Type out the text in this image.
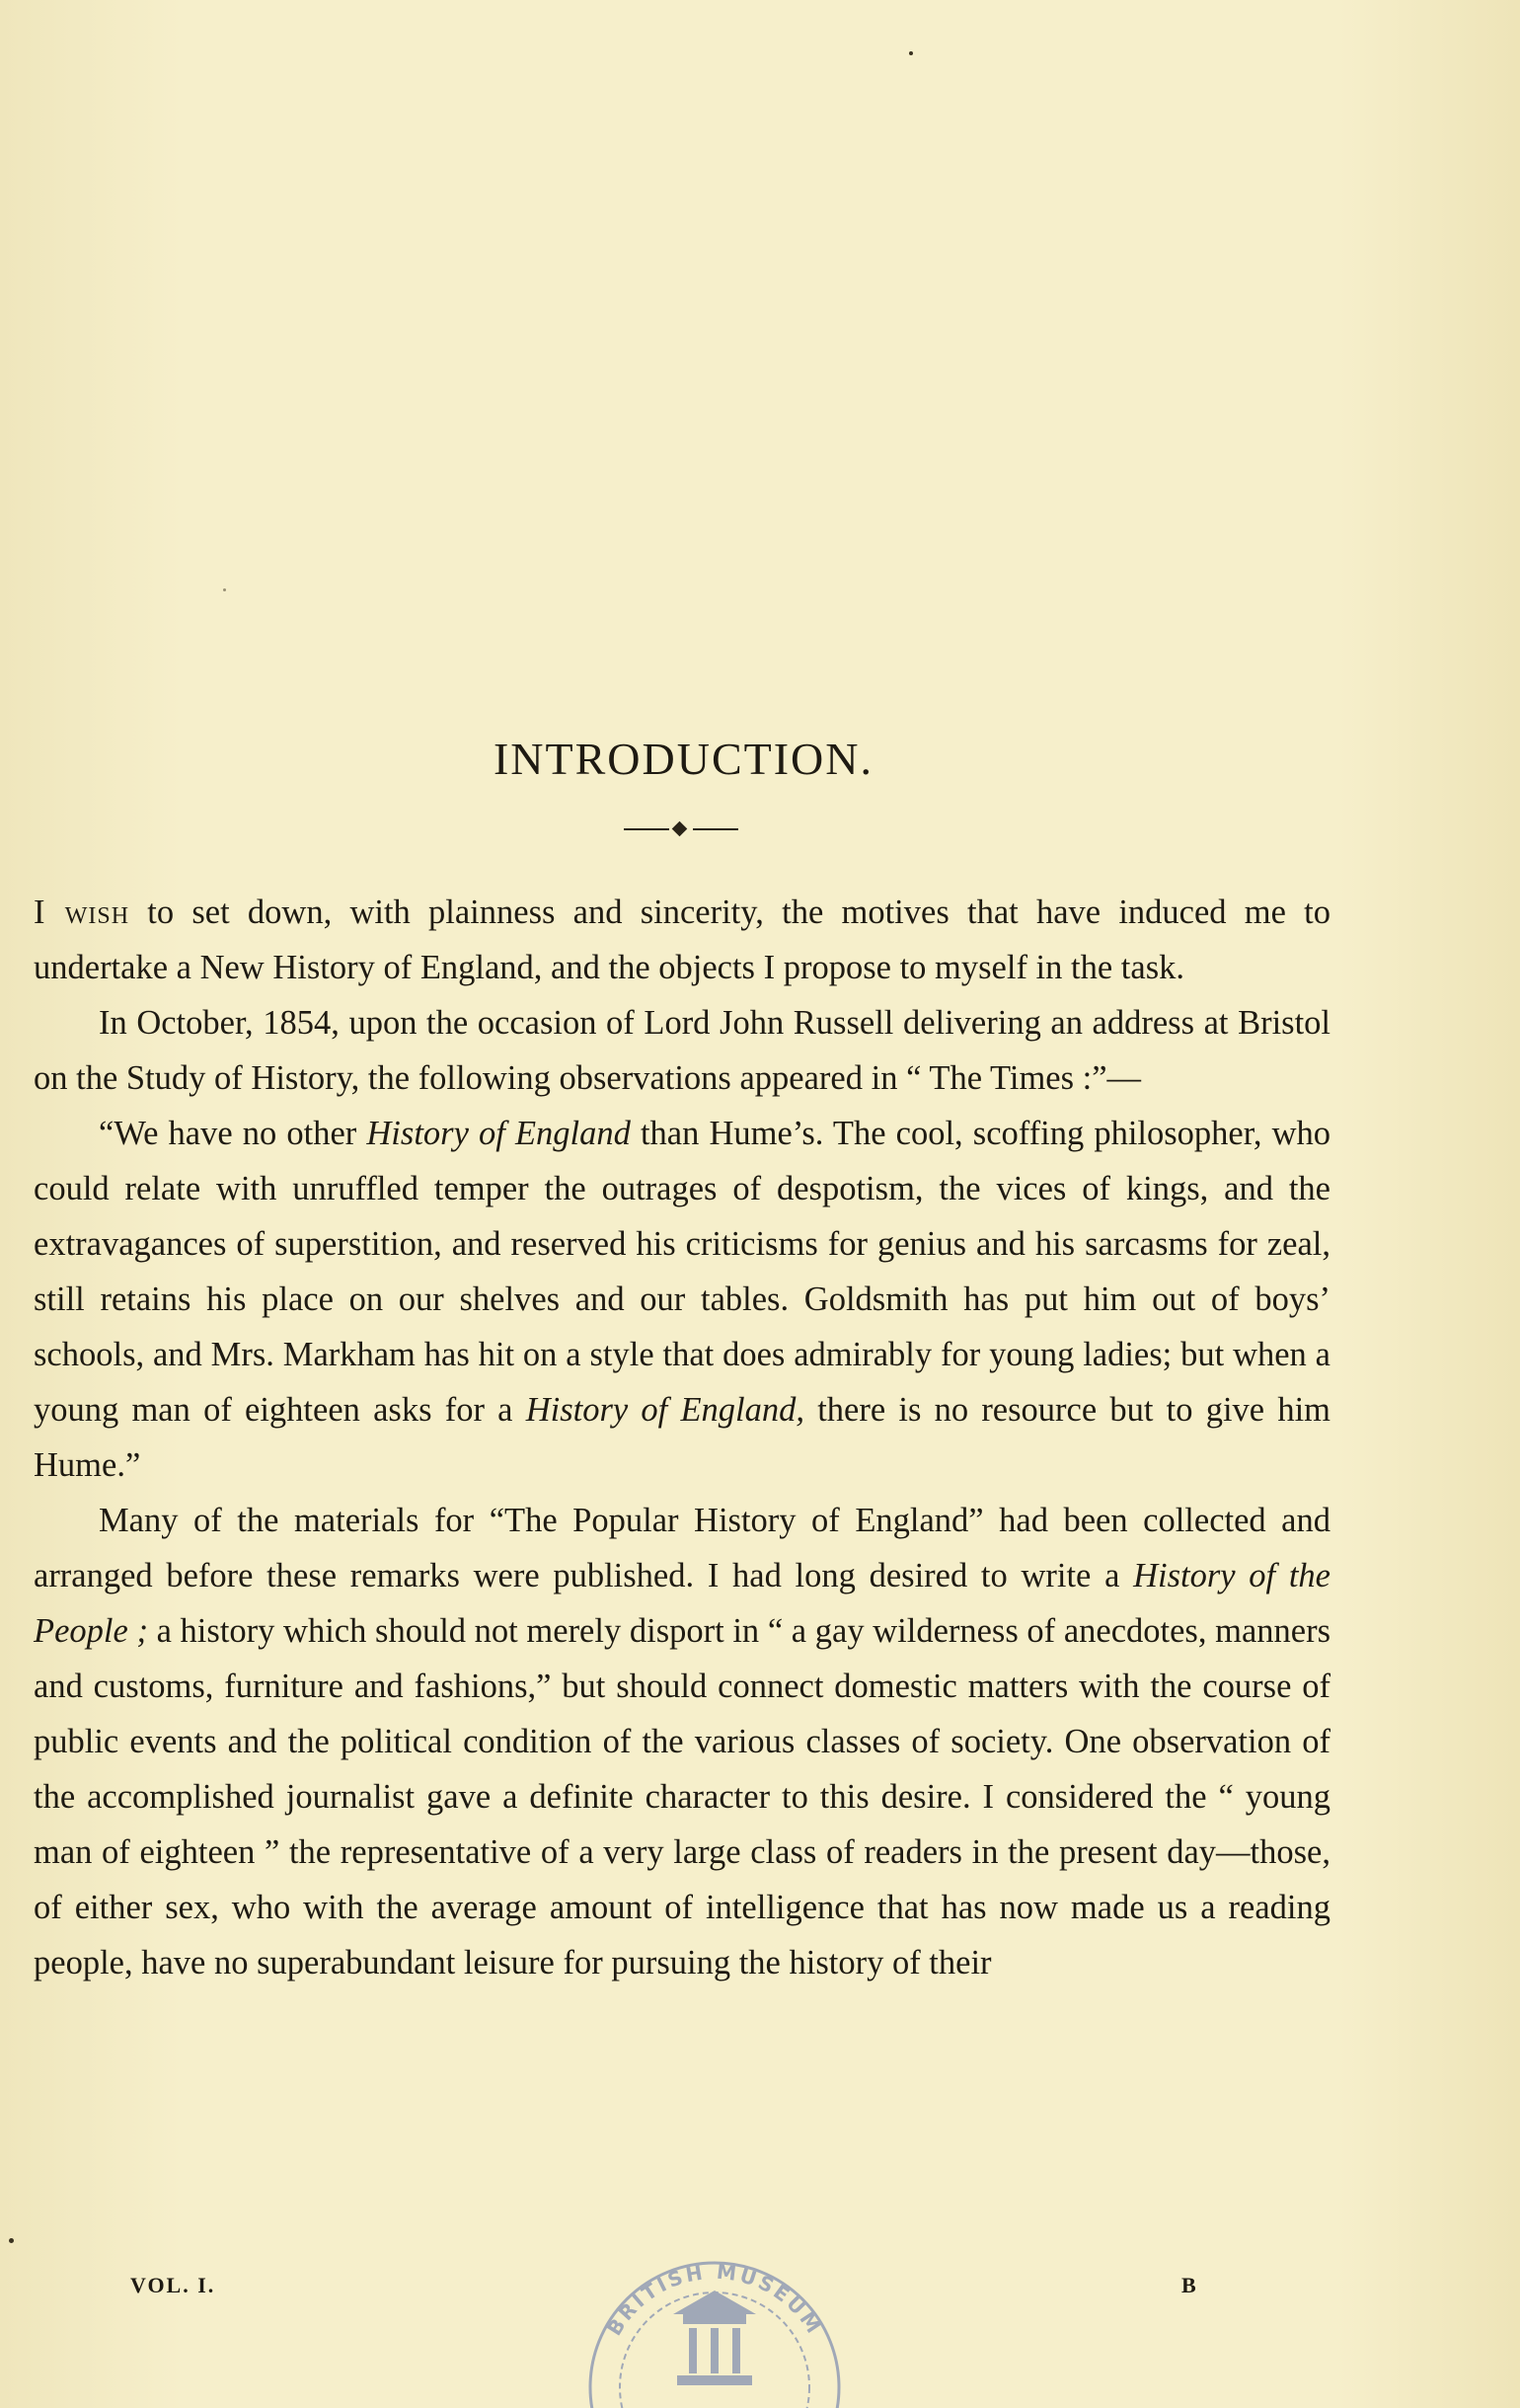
INTRODUCTION.

I wish to set down, with plainness and sincerity, the motives that have induced me to undertake a New History of England, and the objects I propose to myself in the task.

In October, 1854, upon the occasion of Lord John Russell delivering an address at Bristol on the Study of History, the following observations appeared in “ The Times :”—

“We have no other History of England than Hume’s. The cool, scoffing philosopher, who could relate with unruffled temper the outrages of despotism, the vices of kings, and the extravagances of superstition, and reserved his criticisms for genius and his sarcasms for zeal, still retains his place on our shelves and our tables. Goldsmith has put him out of boys’ schools, and Mrs. Markham has hit on a style that does admirably for young ladies; but when a young man of eighteen asks for a History of England, there is no resource but to give him Hume.”

Many of the materials for “The Popular History of England” had been collected and arranged before these remarks were published. I had long desired to write a History of the People ; a history which should not merely disport in “ a gay wilderness of anecdotes, manners and customs, furniture and fashions,” but should connect domestic matters with the course of public events and the political condition of the various classes of society. One observation of the accomplished journalist gave a definite character to this desire. I considered the “ young man of eighteen ” the representative of a very large class of readers in the present day—those, of either sex, who with the average amount of intelligence that has now made us a reading people, have no superabundant leisure for pursuing the history of their

VOL. I.	B
BRITISH MUSEUM
